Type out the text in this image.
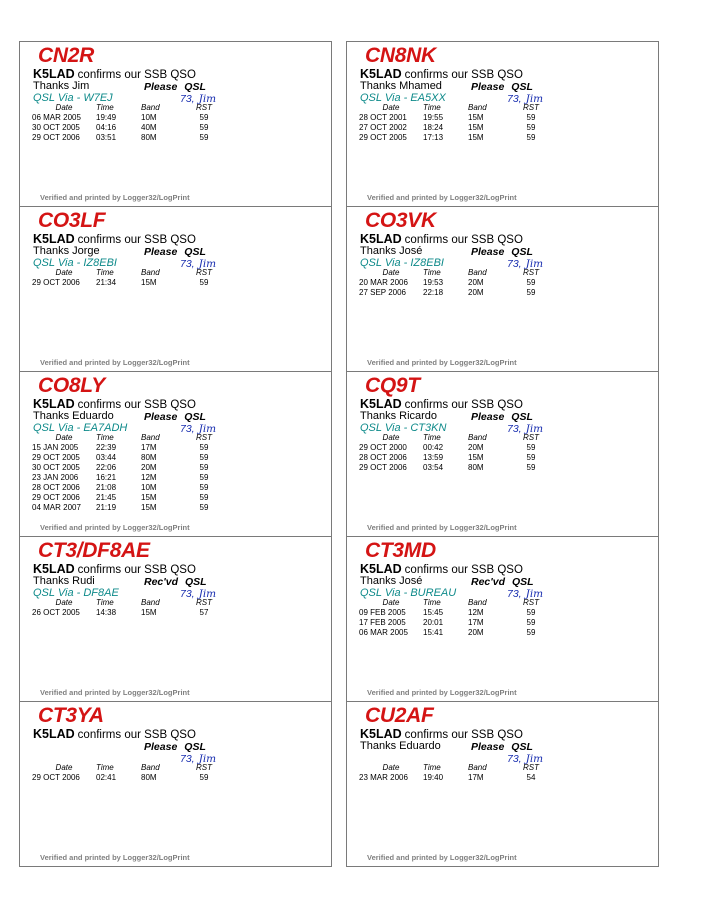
CN2R
K5LAD confirms our SSB QSO
Thanks Jim	Please QSL
QSL Via - W7EJ	73, Jim
Date	Time	Band	RST
06 MAR 2005	19:49	10M	59
30 OCT 2005	04:16	40M	59
29 OCT 2006	03:51	80M	59
Verified and printed by Logger32/LogPrint
CN8NK
K5LAD confirms our SSB QSO
Thanks Mhamed	Please QSL
QSL Via - EA5XX	73, Jim
Date	Time	Band	RST
28 OCT 2001	19:55	15M	59
27 OCT 2002	18:24	15M	59
29 OCT 2005	17:13	15M	59
Verified and printed by Logger32/LogPrint
CO3LF
K5LAD confirms our SSB QSO
Thanks Jorge	Please QSL
QSL Via - IZ8EBI	73, Jim
Date	Time	Band	RST
29 OCT 2006	21:34	15M	59
Verified and printed by Logger32/LogPrint
CO3VK
K5LAD confirms our SSB QSO
Thanks José	Please QSL
QSL Via - IZ8EBI	73, Jim
Date	Time	Band	RST
20 MAR 2006	19:53	20M	59
27 SEP 2006	22:18	20M	59
Verified and printed by Logger32/LogPrint
CO8LY
K5LAD confirms our SSB QSO
Thanks Eduardo	Please QSL
QSL Via - EA7ADH	73, Jim
Date	Time	Band	RST
15 JAN 2005	22:39	17M	59
29 OCT 2005	03:44	80M	59
30 OCT 2005	22:06	20M	59
23 JAN 2006	16:21	12M	59
28 OCT 2006	21:08	10M	59
29 OCT 2006	21:45	15M	59
04 MAR 2007	21:19	15M	59
Verified and printed by Logger32/LogPrint
CQ9T
K5LAD confirms our SSB QSO
Thanks Ricardo	Please QSL
QSL Via - CT3KN	73, Jim
Date	Time	Band	RST
29 OCT 2000	00:42	20M	59
28 OCT 2006	13:59	15M	59
29 OCT 2006	03:54	80M	59
Verified and printed by Logger32/LogPrint
CT3/DF8AE
K5LAD confirms our SSB QSO
Thanks Rudi	Rec'vd QSL
QSL Via - DF8AE	73, Jim
Date	Time	Band	RST
26 OCT 2005	14:38	15M	57
Verified and printed by Logger32/LogPrint
CT3MD
K5LAD confirms our SSB QSO
Thanks José	Rec'vd QSL
QSL Via - BUREAU	73, Jim
Date	Time	Band	RST
09 FEB 2005	15:45	12M	59
17 FEB 2005	20:01	17M	59
06 MAR 2005	15:41	20M	59
Verified and printed by Logger32/LogPrint
CT3YA
K5LAD confirms our SSB QSO
Please QSL
73, Jim
Date	Time	Band	RST
29 OCT 2006	02:41	80M	59
Verified and printed by Logger32/LogPrint
CU2AF
K5LAD confirms our SSB QSO
Thanks Eduardo	Please QSL
73, Jim
Date	Time	Band	RST
23 MAR 2006	19:40	17M	54
Verified and printed by Logger32/LogPrint
